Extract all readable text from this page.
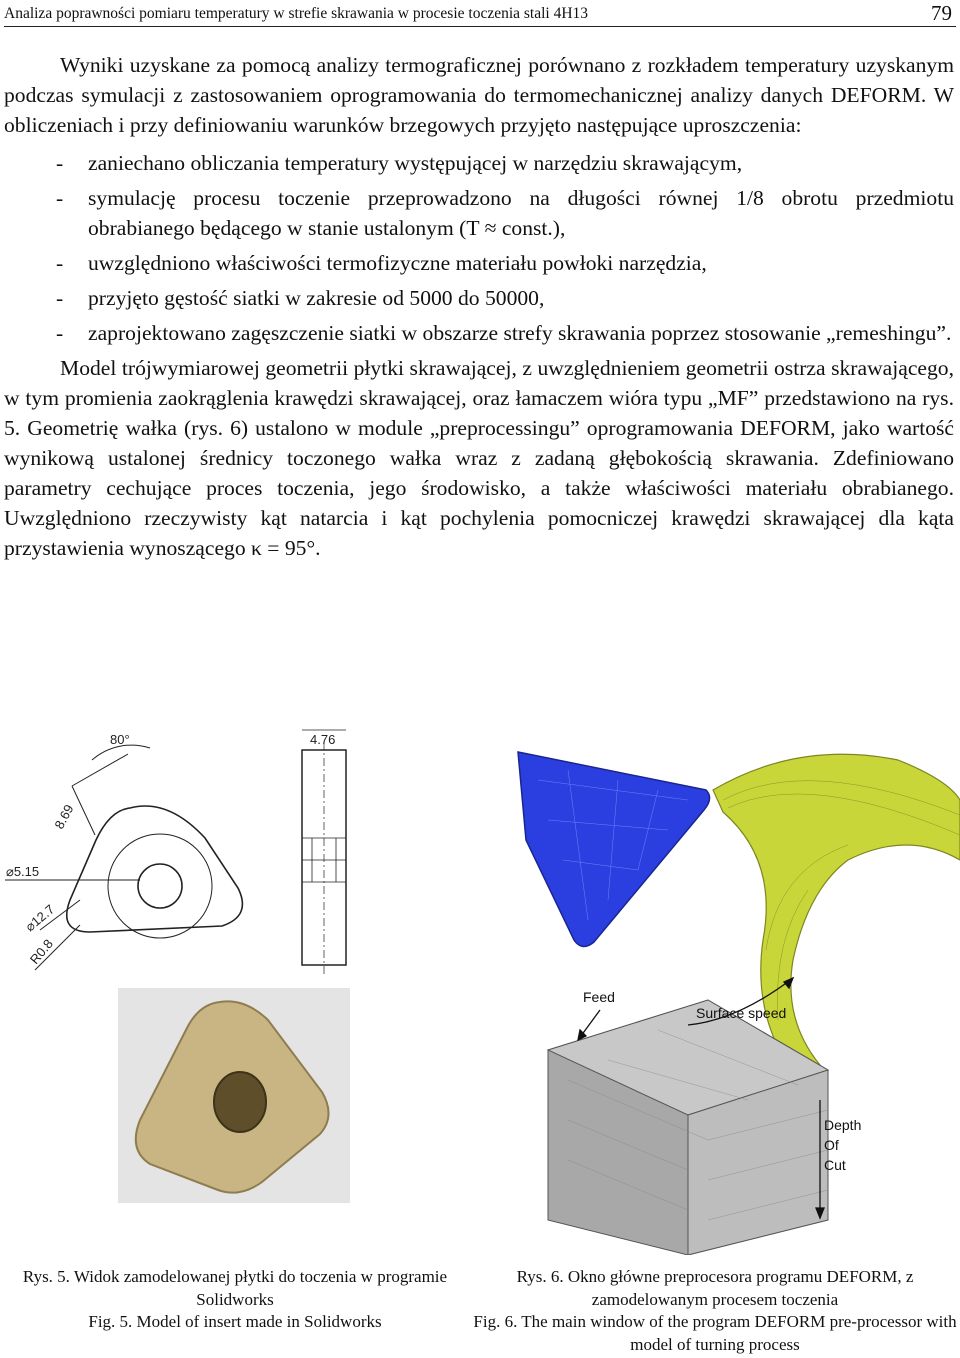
Analiza poprawności pomiaru temperatury w strefie skrawania w procesie toczenia stali 4H13	79

Wyniki uzyskane za pomocą analizy termograficznej porównano z rozkładem temperatury uzyskanym podczas symulacji z zastosowaniem oprogramowania do termomechanicznej analizy danych DEFORM. W obliczeniach i przy definiowaniu warunków brzegowych przyjęto następujące uproszczenia:

- zaniechano obliczania temperatury występującej w narzędziu skrawającym,
- symulację procesu toczenie przeprowadzono na długości równej 1/8 obrotu przedmiotu obrabianego będącego w stanie ustalonym (T ≈ const.),
- uwzględniono właściwości termofizyczne materiału powłoki narzędzia,
- przyjęto gęstość siatki w zakresie od 5000 do 50000,
- zaprojektowano zagęszczenie siatki w obszarze strefy skrawania poprzez stosowanie „remeshingu”.

Model trójwymiarowej geometrii płytki skrawającej, z uwzględnieniem geometrii ostrza skrawającego, w tym promienia zaokrąglenia krawędzi skrawającej, oraz łamaczem wióra typu „MF” przedstawiono na rys. 5. Geometrię wałka (rys. 6) ustalono w module „preprocessingu” oprogramowania DEFORM, jako wartość wynikową ustalonej średnicy toczonego wałka wraz z zadaną głębokością skrawania. Zdefiniowano parametry cechujące proces toczenia, jego środowisko, a także właściwości materiału obrabianego. Uwzględniono rzeczywisty kąt natarcia i kąt pochylenia pomocniczej krawędzi skrawającej dla kąta przystawienia wynoszącego κ = 95°.

80°
8.69
⌀5.15
⌀12.7
R0.8
4.76
Feed
Surface speed
Depth
Of
Cut
Rys. 5. Widok zamodelowanej płytki do toczenia w programie Solidworks
Fig. 5. Model of insert made in Solidworks
Rys. 6. Okno główne preprocesora programu DEFORM, z zamodelowanym procesem toczenia
Fig. 6. The main window of the program DEFORM pre-processor with model of turning process
